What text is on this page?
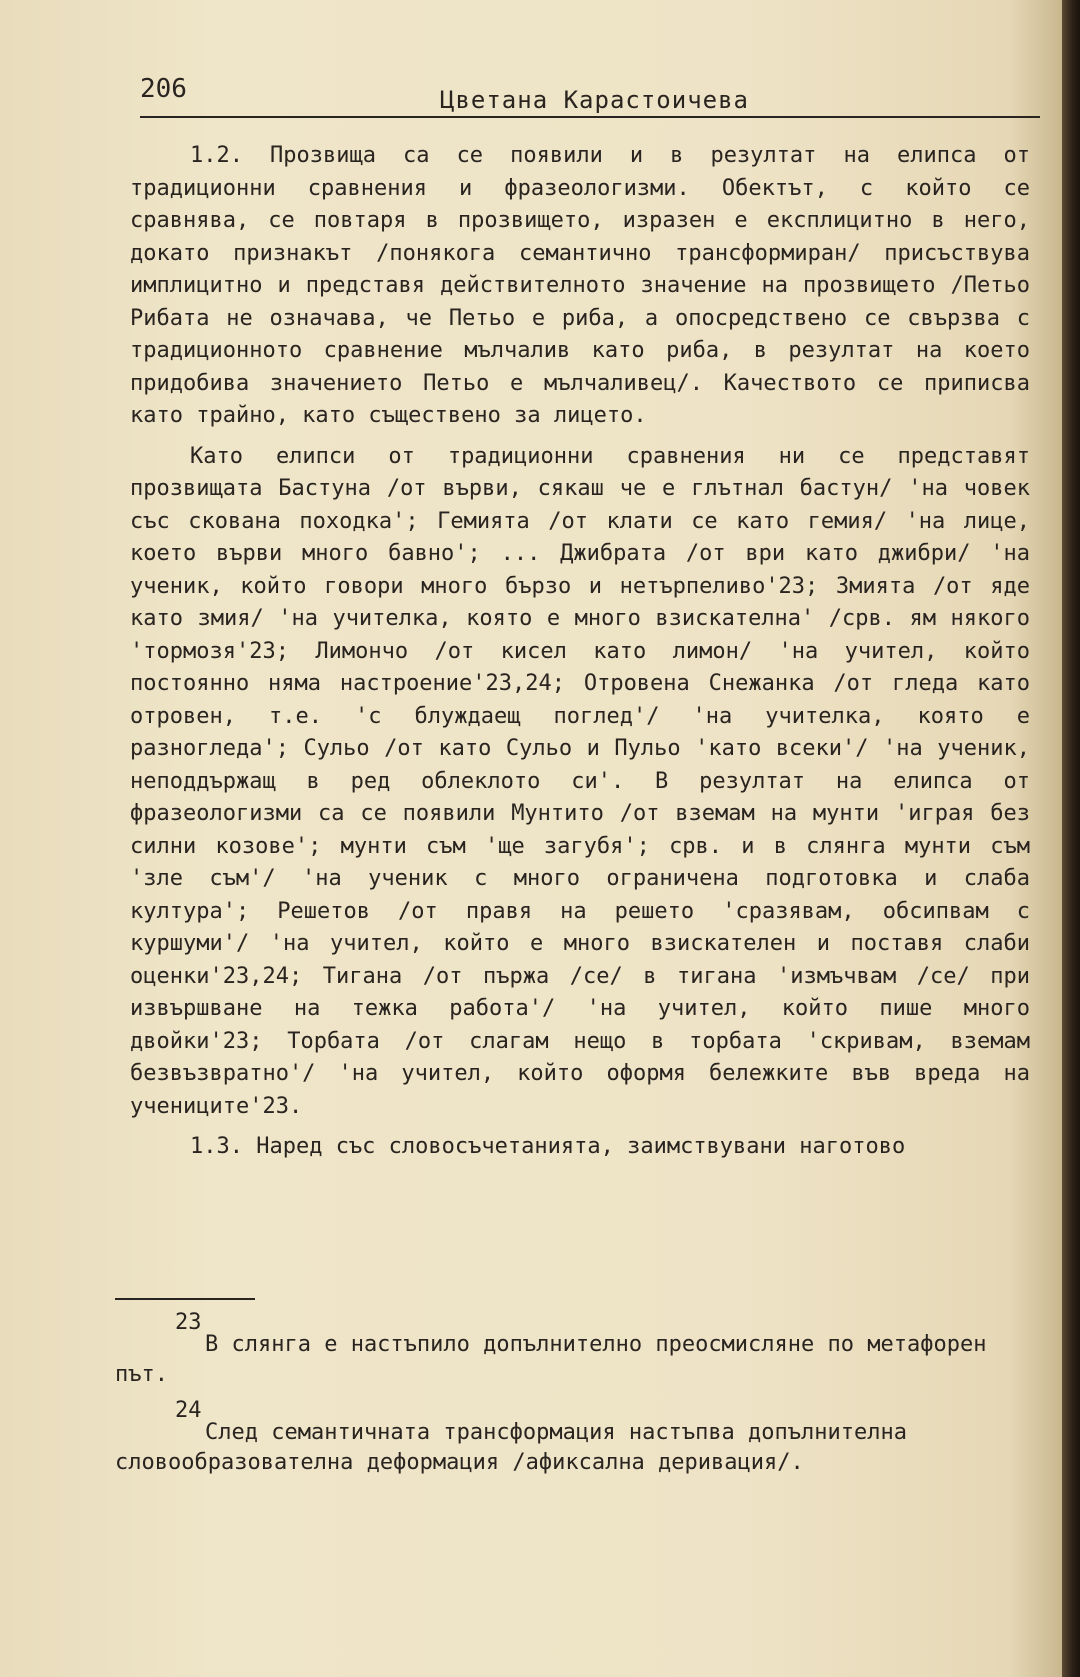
206	Цветана Карастоичева

1.2. Прозвища са се появили и в резултат на елипса от традиционни сравнения и фразеологизми. Обектът, с който се сравнява, се повтаря в прозвището, изразен е експлицитно в него, докато признакът /понякога семантично трансформиран/ присъствува имплицитно и представя действителното значение на прозвището /Петьо Рибата не означава, че Петьо е риба, а опосредствено се свързва с традиционното сравнение мълчалив като риба, в резултат на което придобива значението Петьо е мълчаливец/. Качеството се приписва като трайно, като съществено за лицето.

Като елипси от традиционни сравнения ни се представят прозвищата Бастуна /от върви, сякаш че е глътнал бастун/ 'на човек със скована походка'; Гемията /от клати се като гемия/ 'на лице, което върви много бавно'; ... Джибрата /от ври като джибри/ 'на ученик, който говори много бързо и нетърпеливо'23; Змията /от яде като змия/ 'на учителка, която е много взискателна' /срв. ям някого 'тормозя'23; Лимончо /от кисел като лимон/ 'на учител, който постоянно няма настроение'23,24; Отровена Снежанка /от гледа като отровен, т.е. 'с блуждаещ поглед'/ 'на учителка, която е разногледа'; Сульо /от като Сульо и Пульо 'като всеки'/ 'на ученик, неподдържащ в ред облеклото си'. В резултат на елипса от фразеологизми са се появили Мунтито /от вземам на мунти 'играя без силни козове'; мунти съм 'ще загубя'; срв. и в слянга мунти съм 'зле съм'/ 'на ученик с много ограничена подготовка и слаба култура'; Решетов /от правя на решето 'сразявам, обсипвам с куршуми'/ 'на учител, който е много взискателен и поставя слаби оценки'23,24; Тигана /от пържа /се/ в тигана 'измъчвам /се/ при извършване на тежка работа'/ 'на учител, който пише много двойки'23; Торбата /от слагам нещо в торбата 'скривам, вземам безвъзвратно'/ 'на учител, който оформя бележките във вреда на учениците'23.

1.3. Наред със словосъчетанията, заимствувани наготово

23
В слянга е настъпило допълнително преосмисляне по метафорен път.
24
След семантичната трансформация настъпва допълнителна словообразователна деформация /афиксална деривация/.
